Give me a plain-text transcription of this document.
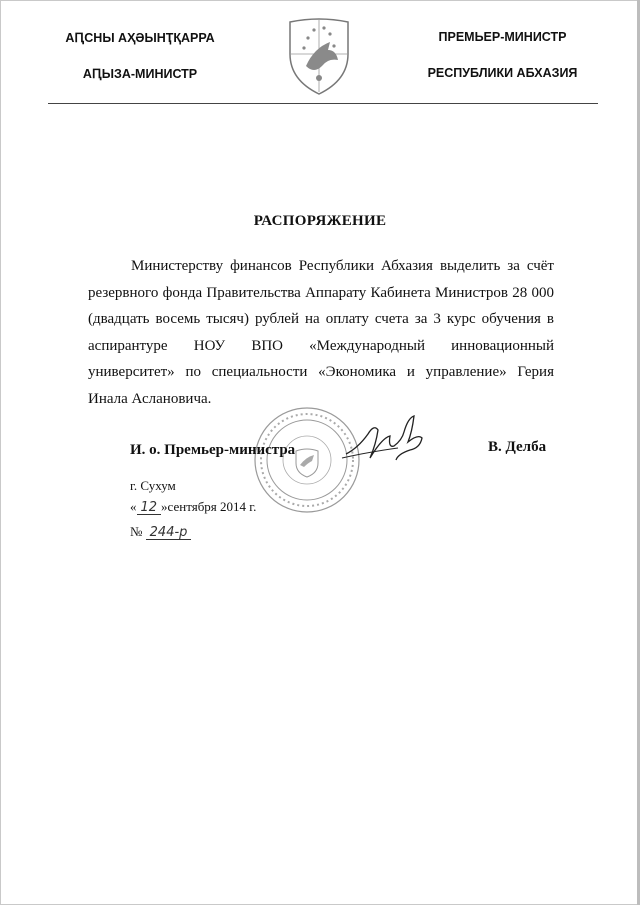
АԤСНЫ АҲӘЫНҬҚАРРА
АԤЫЗА-МИНИСТР
ПРЕМЬЕР-МИНИСТР
РЕСПУБЛИКИ АБХАЗИЯ
РАСПОРЯЖЕНИЕ

Министерству финансов Республики Абхазия выделить за счёт резервного фонда Правительства Аппарату Кабинета Министров 28 000 (двадцать восемь тысяч) рублей на оплату счета за 3 курс обучения в аспирантуре НОУ ВПО «Международный инновационный университет» по специальности «Экономика и управление» Герия Инала Аслановича.

И. о. Премьер-министра	В. Делба
г. Сухум
« 12 »сентября 2014 г.
№ 244-р
